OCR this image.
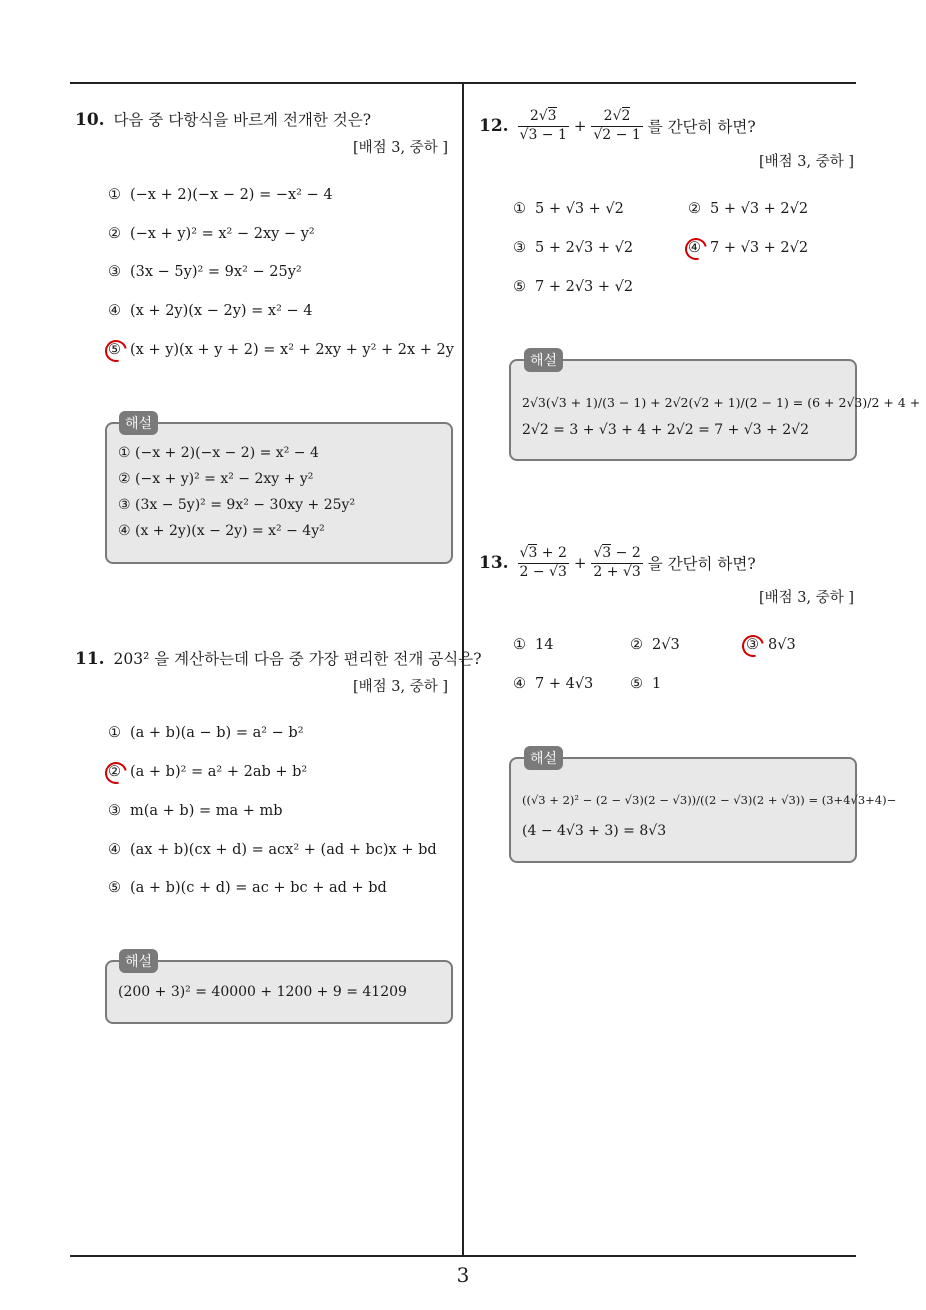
10. 다음 중 다항식을 바르게 전개한 것은?
[배점 3, 중하 ]
① (−x + 2)(−x − 2) = −x² − 4
② (−x + y)² = x² − 2xy − y²
③ (3x − 5y)² = 9x² − 25y²
④ (x + 2y)(x − 2y) = x² − 4
⑤ (x + y)(x + y + 2) = x² + 2xy + y² + 2x + 2y
해설
① (−x + 2)(−x − 2) = x² − 4
② (−x + y)² = x² − 2xy + y²
③ (3x − 5y)² = 9x² − 30xy + 25y²
④ (x + 2y)(x − 2y) = x² − 4y²
11. 203² 을 계산하는데 다음 중 가장 편리한 전개 공식은?
[배점 3, 중하 ]
① (a + b)(a − b) = a² − b²
② (a + b)² = a² + 2ab + b²
③ m(a + b) = ma + mb
④ (ax + b)(cx + d) = acx² + (ad + bc)x + bd
⑤ (a + b)(c + d) = ac + bc + ad + bd
해설
(200 + 3)² = 40000 + 1200 + 9 = 41209
12. $\frac{2√3}{√3 - 1} + \frac{2√2}{√2 - 1}$ 를 간단히 하면?
[배점 3, 중하 ]
① 5 + √3 + √2	② 5 + √3 + 2√2
③ 5 + 2√3 + √2	④ 7 + √3 + 2√2
⑤ 7 + 2√3 + √2
해설
2√3(√3 + 1)/(3 − 1) + 2√2(√2 + 1)/(2 − 1) = (6 + 2√3)/2 + 4 +
2√2 = 3 + √3 + 4 + 2√2 = 7 + √3 + 2√2
13. $\frac{√3 + 2}{2 - √3} + \frac{√3 - 2}{2 + √3}$ 을 간단히 하면?
[배점 3, 중하 ]
① 14	② 2√3	③ 8√3
④ 7 + 4√3	⑤ 1
해설
((√3 + 2)² − (2 − √3)(2 − √3))/((2 − √3)(2 + √3)) = (3+4√3+4)−
(4 − 4√3 + 3) = 8√3
3
